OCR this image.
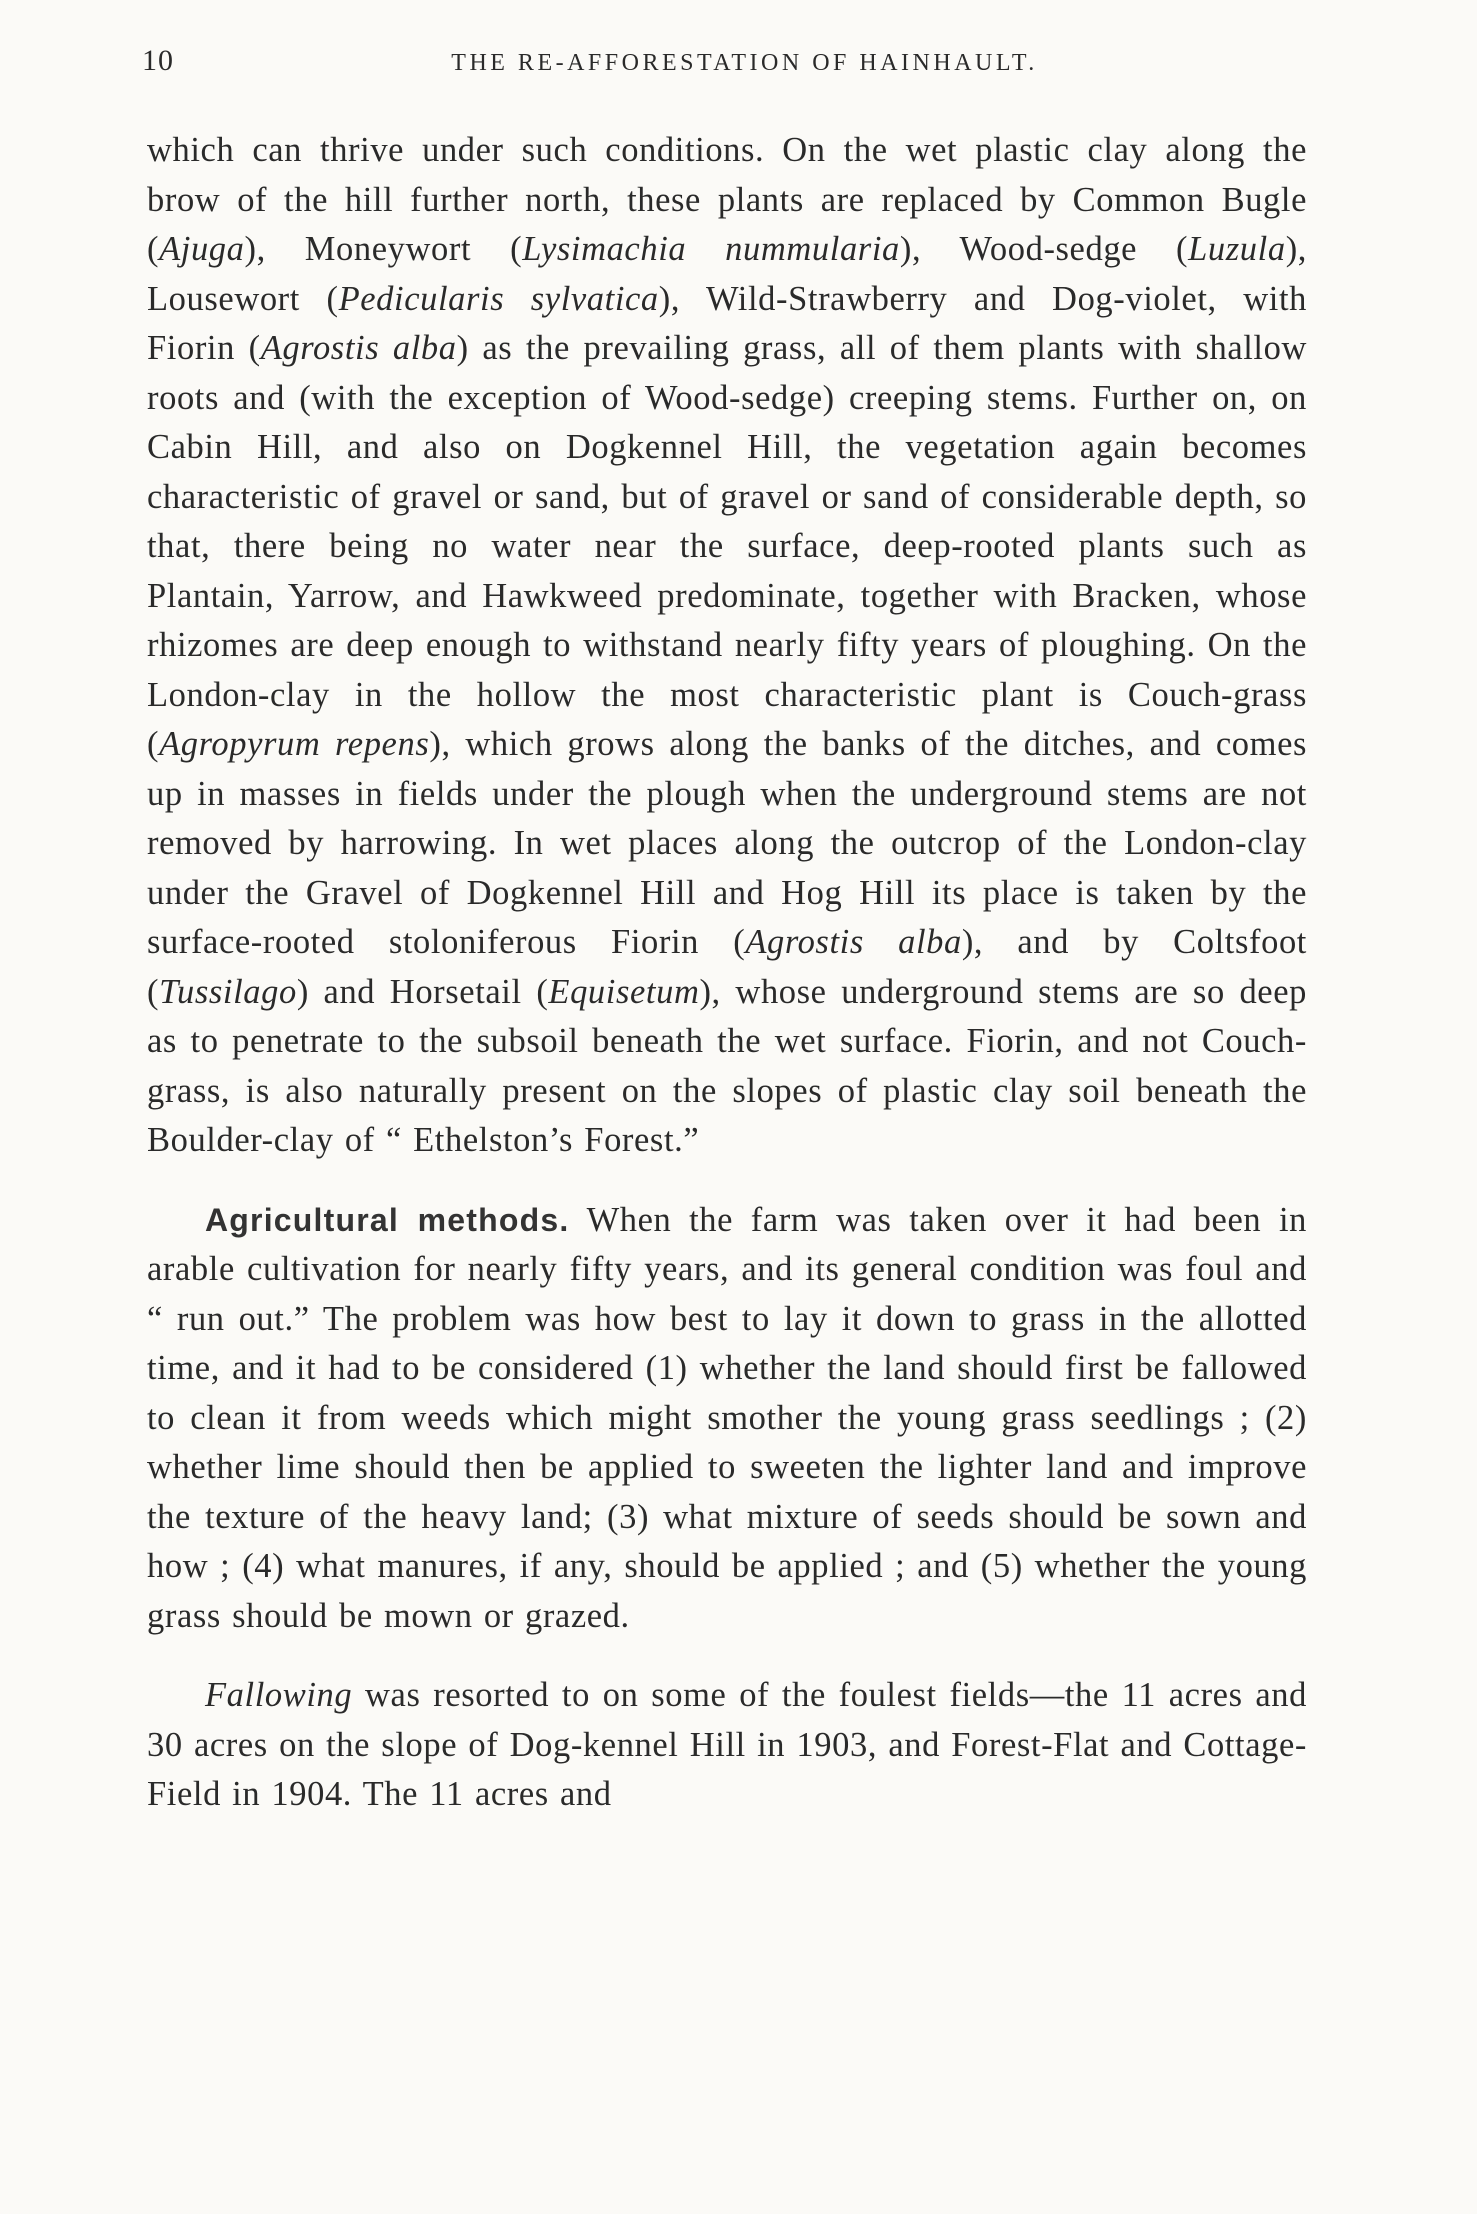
10	THE RE-AFFORESTATION OF HAINHAULT.

which can thrive under such conditions. On the wet plastic clay along the brow of the hill further north, these plants are replaced by Common Bugle (Ajuga), Moneywort (Lysimachia nummularia), Wood-sedge (Luzula), Lousewort (Pedicularis sylvatica), Wild-Strawberry and Dog-violet, with Fiorin (Agrostis alba) as the prevailing grass, all of them plants with shallow roots and (with the exception of Wood-sedge) creeping stems. Further on, on Cabin Hill, and also on Dogkennel Hill, the vegetation again becomes characteristic of gravel or sand, but of gravel or sand of considerable depth, so that, there being no water near the surface, deep-rooted plants such as Plantain, Yarrow, and Hawkweed predominate, together with Bracken, whose rhizomes are deep enough to withstand nearly fifty years of ploughing. On the London-clay in the hollow the most characteristic plant is Couch-grass (Agropyrum repens), which grows along the banks of the ditches, and comes up in masses in fields under the plough when the underground stems are not removed by harrowing. In wet places along the outcrop of the London-clay under the Gravel of Dogkennel Hill and Hog Hill its place is taken by the surface-rooted stoloniferous Fiorin (Agrostis alba), and by Coltsfoot (Tussilago) and Horsetail (Equisetum), whose underground stems are so deep as to penetrate to the subsoil beneath the wet surface. Fiorin, and not Couch-grass, is also naturally present on the slopes of plastic clay soil beneath the Boulder-clay of “ Ethelston’s Forest.”

Agricultural methods. When the farm was taken over it had been in arable cultivation for nearly fifty years, and its general condition was foul and “ run out.” The problem was how best to lay it down to grass in the allotted time, and it had to be considered (1) whether the land should first be fallowed to clean it from weeds which might smother the young grass seedlings ; (2) whether lime should then be applied to sweeten the lighter land and improve the texture of the heavy land; (3) what mixture of seeds should be sown and how ; (4) what manures, if any, should be applied ; and (5) whether the young grass should be mown or grazed.

Fallowing was resorted to on some of the foulest fields—the 11 acres and 30 acres on the slope of Dog-kennel Hill in 1903, and Forest-Flat and Cottage-Field in 1904. The 11 acres and
